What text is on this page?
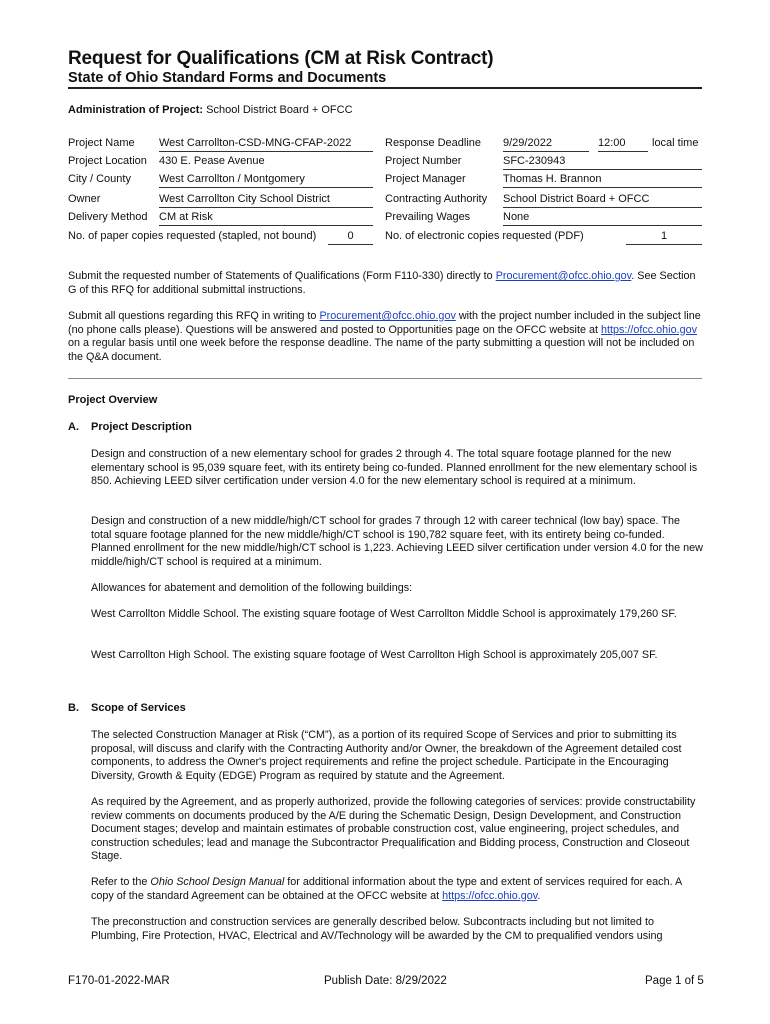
Request for Qualifications (CM at Risk Contract)
State of Ohio Standard Forms and Documents
Administration of Project: School District Board + OFCC
Project Name West Carrollton-CSD-MNG-CFAP-2022
Project Location 430 E. Pease Avenue
City / County	West Carrollton / Montgomery
Owner	West Carrollton City School District
Delivery Method CM at Risk
No. of paper copies requested (stapled, not bound)	0
Response Deadline 9/29/2022	12:00	local time
Project Number	SFC-230943
Project Manager	Thomas H. Brannon
Contracting Authority School District Board + OFCC
Prevailing Wages	None
No. of electronic copies requested (PDF)	1
Submit the requested number of Statements of Qualifications (Form F110-330) directly to Procurement@ofcc.ohio.gov. See Section G of this RFQ for additional submittal instructions.
Submit all questions regarding this RFQ in writing to Procurement@ofcc.ohio.gov with the project number included in the subject line (no phone calls please). Questions will be answered and posted to Opportunities page on the OFCC website at https://ofcc.ohio.gov on a regular basis until one week before the response deadline. The name of the party submitting a question will not be included on the Q&A document.
Project Overview
A. Project Description
Design and construction of a new elementary school for grades 2 through 4. The total square footage planned for the new elementary school is 95,039 square feet, with its entirety being co-funded. Planned enrollment for the new elementary school is 850. Achieving LEED silver certification under version 4.0 for the new elementary school is required at a minimum.
Design and construction of a new middle/high/CT school for grades 7 through 12 with career technical (low bay) space. The total square footage planned for the new middle/high/CT school is 190,782 square feet, with its entirety being co-funded. Planned enrollment for the new middle/high/CT school is 1,223. Achieving LEED silver certification under version 4.0 for the new middle/high/CT school is required at a minimum.
Allowances for abatement and demolition of the following buildings:
West Carrollton Middle School. The existing square footage of West Carrollton Middle School is approximately 179,260 SF.
West Carrollton High School. The existing square footage of West Carrollton High School is approximately 205,007 SF.
B. Scope of Services
The selected Construction Manager at Risk (“CM”), as a portion of its required Scope of Services and prior to submitting its proposal, will discuss and clarify with the Contracting Authority and/or Owner, the breakdown of the Agreement detailed cost components, to address the Owner's project requirements and refine the project schedule. Participate in the Encouraging Diversity, Growth & Equity (EDGE) Program as required by statute and the Agreement.
As required by the Agreement, and as properly authorized, provide the following categories of services: provide constructability review comments on documents produced by the A/E during the Schematic Design, Design Development, and Construction Document stages; develop and maintain estimates of probable construction cost, value engineering, project schedules, and construction schedules; lead and manage the Subcontractor Prequalification and Bidding process, Construction and Closeout Stage.
Refer to the Ohio School Design Manual for additional information about the type and extent of services required for each. A copy of the standard Agreement can be obtained at the OFCC website at https://ofcc.ohio.gov.
The preconstruction and construction services are generally described below. Subcontracts including but not limited to Plumbing, Fire Protection, HVAC, Electrical and AV/Technology will be awarded by the CM to prequalified vendors using
F170-01-2022-MAR	Publish Date: 8/29/2022	Page 1 of 5
